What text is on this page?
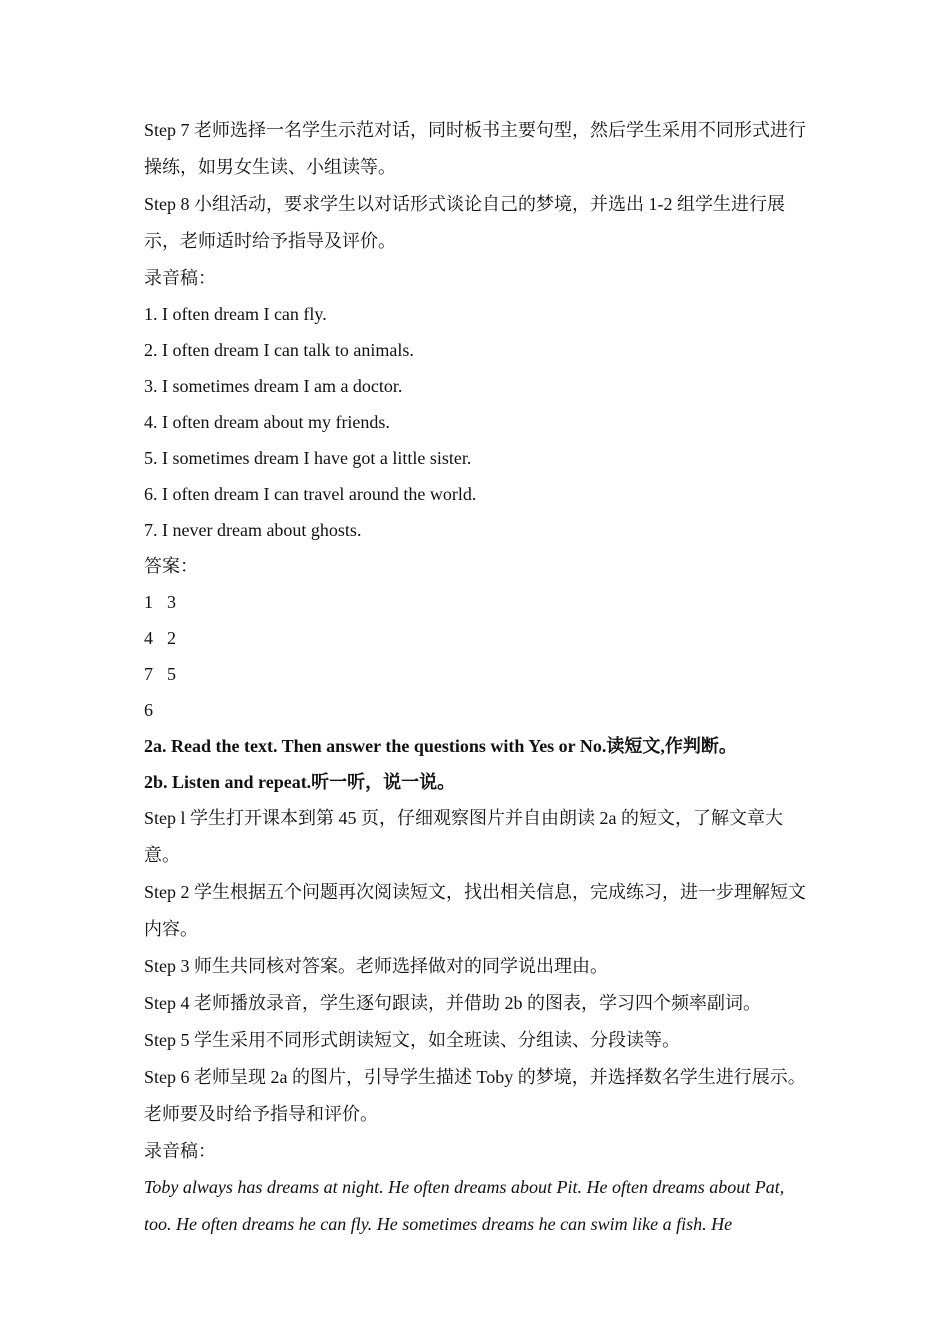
Step 7 老师选择一名学生示范对话，同时板书主要句型，然后学生采用不同形式进行操练，如男女生读、小组读等。
Step 8 小组活动，要求学生以对话形式谈论自己的梦境，并选出 1-2 组学生进行展示，老师适时给予指导及评价。
录音稿：
1. I often dream I can fly.
2. I often dream I can talk to animals.
3. I sometimes dream I am a doctor.
4. I often dream about my friends.
5. I sometimes dream I have got a little sister.
6. I often dream I can travel around the world.
7. I never dream about ghosts.
答案：
1 3
4 2
7 5
6
2a. Read the text. Then answer the questions with Yes or No.读短文,作判断。
2b. Listen and repeat.听一听，说一说。
Step l 学生打开课本到第 45 页，仔细观察图片并自由朗读 2a 的短文，了解文章大意。
Step 2 学生根据五个问题再次阅读短文，找出相关信息，完成练习，进一步理解短文内容。
Step 3 师生共同核对答案。老师选择做对的同学说出理由。
Step 4 老师播放录音，学生逐句跟读，并借助 2b 的图表，学习四个频率副词。
Step 5 学生采用不同形式朗读短文，如全班读、分组读、分段读等。
Step 6 老师呈现 2a 的图片，引导学生描述 Toby 的梦境，并选择数名学生进行展示。老师要及时给予指导和评价。
录音稿：
Toby always has dreams at night. He often dreams about Pit. He often dreams about Pat, too. He often dreams he can fly. He sometimes dreams he can swim like a fish. He
